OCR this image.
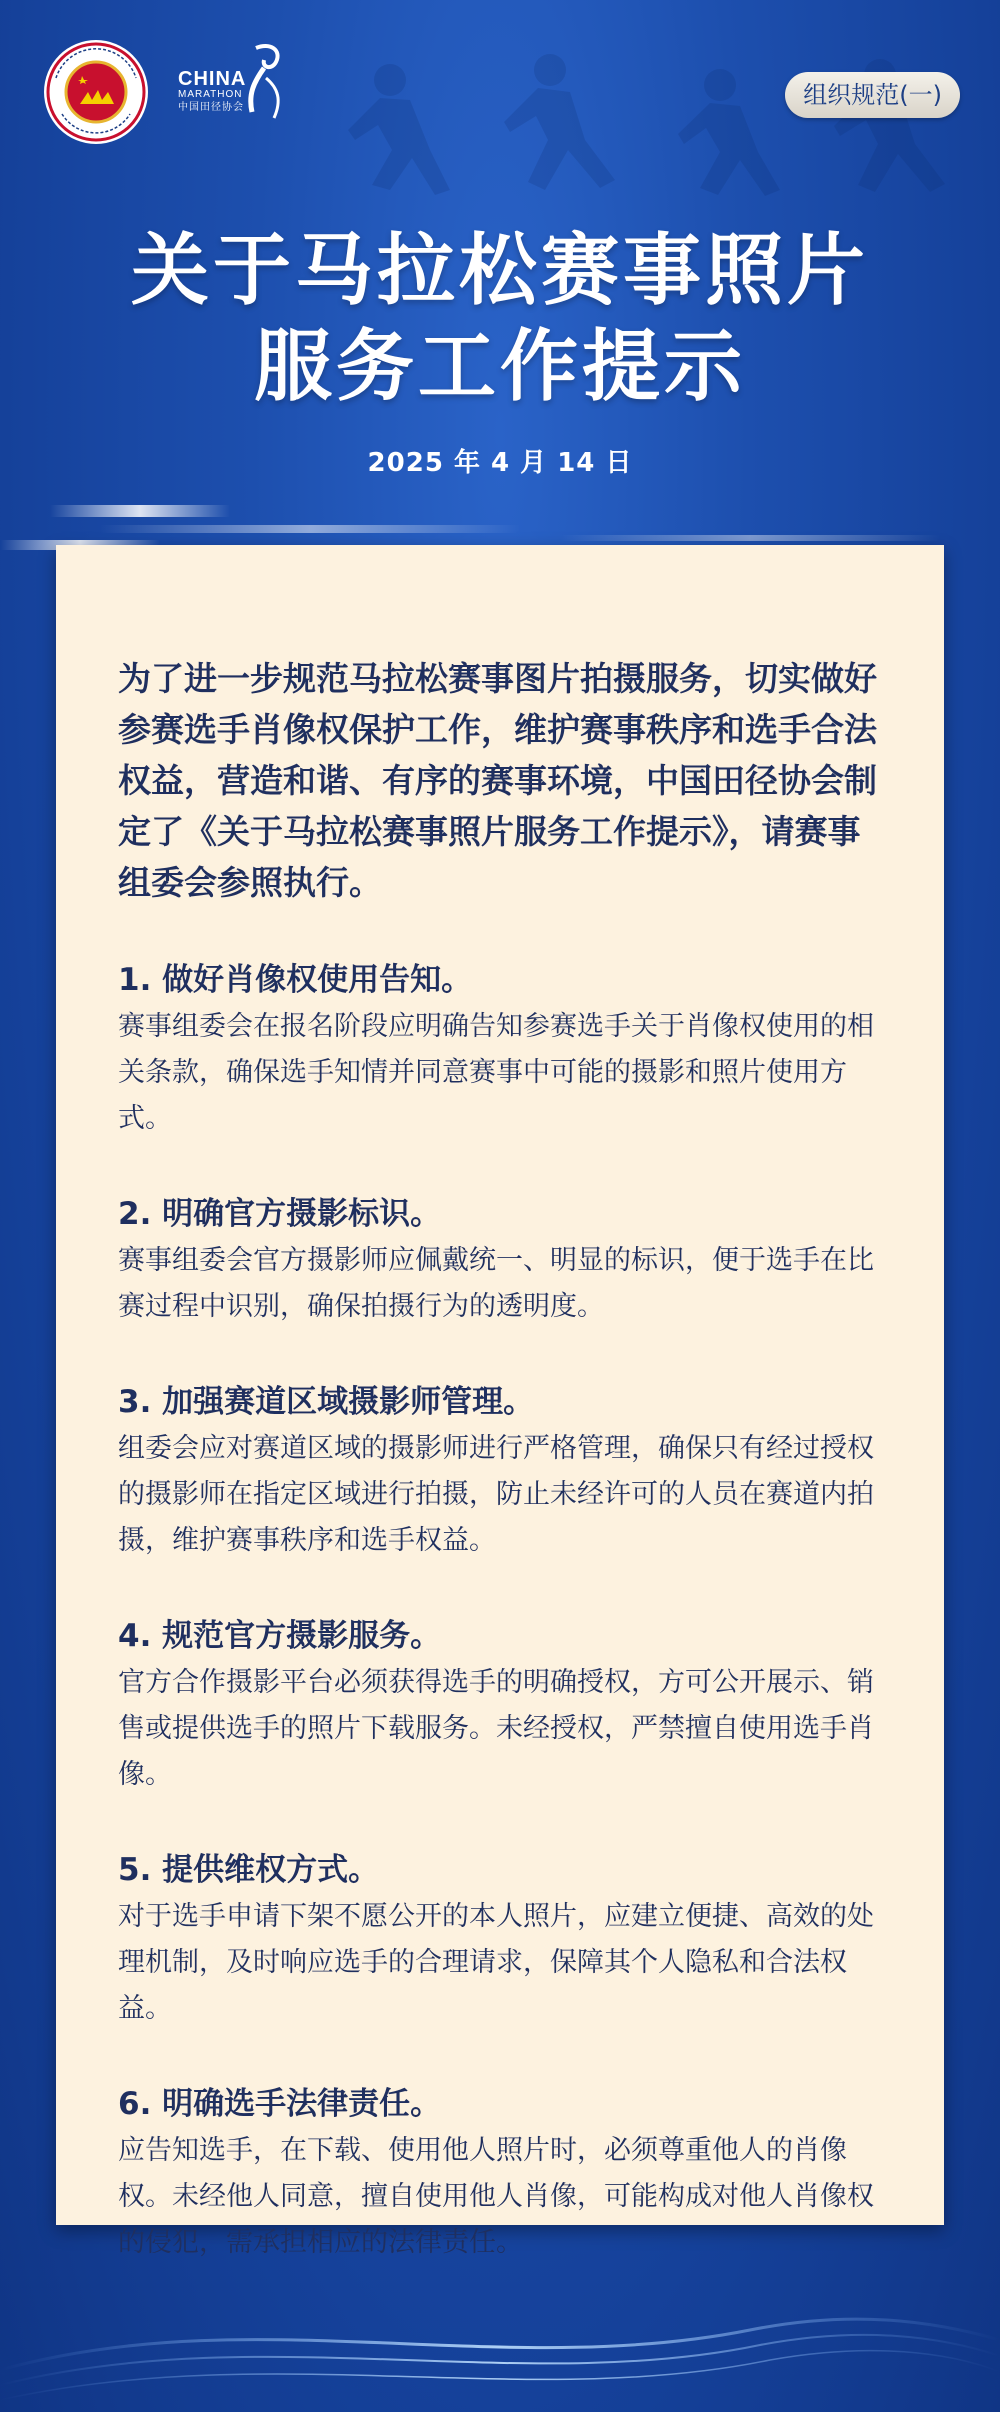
CHINA
MARATHON
中国田径协会	组织规范(一)
关于马拉松赛事照片
服务工作提示
2025 年 4 月 14 日

为了进一步规范马拉松赛事图片拍摄服务，切实做好参赛选手肖像权保护工作，维护赛事秩序和选手合法权益，营造和谐、有序的赛事环境，中国田径协会制定了《关于马拉松赛事照片服务工作提示》，请赛事组委会参照执行。

1. 做好肖像权使用告知。

赛事组委会在报名阶段应明确告知参赛选手关于肖像权使用的相关条款，确保选手知情并同意赛事中可能的摄影和照片使用方式。

2. 明确官方摄影标识。

赛事组委会官方摄影师应佩戴统一、明显的标识，便于选手在比赛过程中识别，确保拍摄行为的透明度。

3. 加强赛道区域摄影师管理。

组委会应对赛道区域的摄影师进行严格管理，确保只有经过授权的摄影师在指定区域进行拍摄，防止未经许可的人员在赛道内拍摄，维护赛事秩序和选手权益。

4. 规范官方摄影服务。

官方合作摄影平台必须获得选手的明确授权，方可公开展示、销售或提供选手的照片下载服务。未经授权，严禁擅自使用选手肖像。

5. 提供维权方式。

对于选手申请下架不愿公开的本人照片，应建立便捷、高效的处理机制，及时响应选手的合理请求，保障其个人隐私和合法权益。

6. 明确选手法律责任。

应告知选手，在下载、使用他人照片时，必须尊重他人的肖像权。未经他人同意，擅自使用他人肖像，可能构成对他人肖像权的侵犯，需承担相应的法律责任。
